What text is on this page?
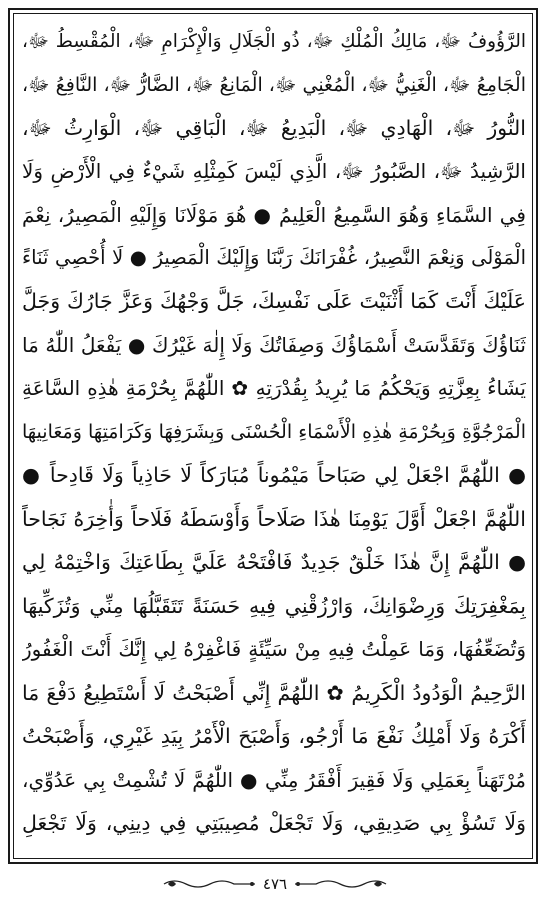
الرَّؤُوفُ ﷻ، مَالِكُ الْمُلْكِ ﷻ، ذُو الْجَلَالِ وَالْإِكْرَامِ ﷻ، الْمُقْسِطُ ﷻ،
الْجَامِعُ ﷻ، الْغَنِيُّ ﷻ، الْمُغْنِي ﷻ، الْمَانِعُ ﷻ، الضَّارُّ ﷻ، النَّافِعُ ﷻ،
النُّورُ ﷻ، الْهَادِي ﷻ، الْبَدِيعُ ﷻ، الْبَاقِي ﷻ، الْوَارِثُ ﷻ،
الرَّشِيدُ ﷻ، الصَّبُورُ ﷻ، الَّذِي لَيْسَ كَمِثْلِهِ شَيْءٌ فِي الْأَرْضِ وَلَا
فِي السَّمَاءِ وَهُوَ السَّمِيعُ الْعَلِيمُ ● هُوَ مَوْلَانَا وَإِلَيْهِ الْمَصِيرُ، نِعْمَ
الْمَوْلَى وَنِعْمَ النَّصِيرُ، غُفْرَانَكَ رَبَّنَا وَإِلَيْكَ الْمَصِيرُ ● لَا أُحْصِي ثَنَاءً
عَلَيْكَ أَنْتَ كَمَا أَثْنَيْتَ عَلَى نَفْسِكَ، جَلَّ وَجْهُكَ وَعَزَّ جَارُكَ وَجَلَّ
ثَنَاؤُكَ وَتَقَدَّسَتْ أَسْمَاؤُكَ وَصِفَاتُكَ وَلَا إِلٰهَ غَيْرُكَ ● يَفْعَلُ اللّٰهُ مَا
يَشَاءُ بِعِزَّتِهِ وَيَحْكُمُ مَا يُرِيدُ بِقُدْرَتِهِ ✿ اللّٰهُمَّ بِحُرْمَةِ هٰذِهِ السَّاعَةِ
الْمَرْجُوَّةِ وَبِحُرْمَةِ هٰذِهِ الْأَسْمَاءِ الْحُسْنَى وَبِشَرَفِهَا وَكَرَامَتِهَا وَمَعَانِيهَا
● اللّٰهُمَّ اجْعَلْ لِي صَبَاحاً مَيْمُوناً مُبَارَكاً لَا حَاذِياً وَلَا قَادِحاً ●
اللّٰهُمَّ اجْعَلْ أَوَّلَ يَوْمِنَا هٰذَا صَلَاحاً وَأَوْسَطَهُ فَلَاحاً وَأٰخِرَهُ نَجَاحاً
● اللّٰهُمَّ إِنَّ هٰذَا خَلْقٌ جَدِيدٌ فَافْتَحْهُ عَلَيَّ بِطَاعَتِكَ وَاخْتِمْهُ لِي
بِمَغْفِرَتِكَ وَرِضْوَانِكَ، وَارْزُقْنِي فِيهِ حَسَنَةً تَتَقَبَّلُهَا مِنِّي وَتُزَكِّيهَا
وَتُضَعِّفُهَا، وَمَا عَمِلْتُ فِيهِ مِنْ سَيِّئَةٍ فَاغْفِرْهُ لِي إِنَّكَ أَنْتَ الْغَفُورُ
الرَّحِيمُ الْوَدُودُ الْكَرِيمُ ✿ اللّٰهُمَّ إِنِّي أَصْبَحْتُ لَا أَسْتَطِيعُ دَفْعَ مَا
أَكْرَهُ وَلَا أَمْلِكُ نَفْعَ مَا أَرْجُو، وَأَصْبَحَ الْأَمْرُ بِيَدِ غَيْرِي، وَأَصْبَحْتُ
مُرْتَهَناً بِعَمَلِي وَلَا فَقِيرَ أَفْقَرُ مِنِّي ● اللّٰهُمَّ لَا تُشْمِتْ بِي عَدُوِّي،
وَلَا تَسُؤْ بِي صَدِيقِي، وَلَا تَجْعَلْ مُصِيبَتِي فِي دِينِي، وَلَا تَجْعَلِ
٤٧٦
